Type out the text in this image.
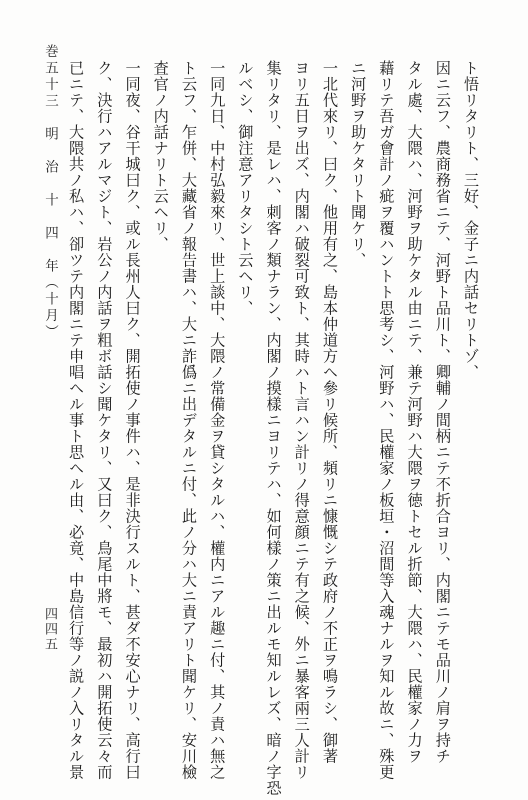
ト悟リタリト、三好、金子ニ内話セリトゾ、
因ニ云フ、農商務省ニテ、河野ト品川ト、卿輔ノ間柄ニテ不折合ヨリ、内閣ニテモ品川ノ肩ヲ持チ
タル處、大隈ハ、河野ヲ助ケタル由ニテ、兼テ河野ハ大隈ヲ徳トセル折節、大隈ハ、民權家ノ力ヲ
藉リテ吾ガ會計ノ疵ヲ覆ハントト思考シ、河野ハ、民權家ノ板垣・沼間等入魂ナルヲ知ル故ニ、殊更
ニ河野ヲ助ケタリト聞ケリ、
一北代來リ、曰ク、他用有之、島本仲道方ヘ參リ候所、頻リニ慷慨シテ政府ノ不正ヲ鳴ラシ、御著
ヨリ五日ヲ出ズ、内閣ハ破裂可致ト、其時ハト言ハン計リノ得意顔ニテ有之候、外ニ暴客兩三人計リ
集リタリ、是レハ、刺客ノ類ナラン、内閣ノ摸樣ニヨリテハ、如何樣ノ策ニ出ルモ知ルレズ、暗ノ字恐
ルベシ、御注意アリタシト云ヘリ、
一同九日、中村弘毅來リ、世上談中、大隈ノ常備金ヲ貸シタルハ、權内ニアル趣ニ付、其ノ責ハ無之
ト云フ、乍併、大藏省ノ報告書ハ、大ニ詐僞ニ出デタルニ付、此ノ分ハ大ニ責アリト聞ケリ、安川檢
査官ノ内話ナリト云ヘリ、
一同夜、谷干城曰ク、或ル長州人曰ク、開拓使ノ事件ハ、是非決行スルト、甚ダ不安心ナリ、高行曰
ク、決行ハアルマジト、岩公ノ内話ヲ粗ボ話シ聞ケタリ、又曰ク、鳥尾中將モ、最初ハ開拓使云々而
已ニテ、大隈共ノ私ハ、卻ツテ内閣ニテ申唱ヘル事ト思ヘル由、必竟、中島信行等ノ説ノ入リタル景
巻五十三　明　治　十　四　年（十月）
四四五
